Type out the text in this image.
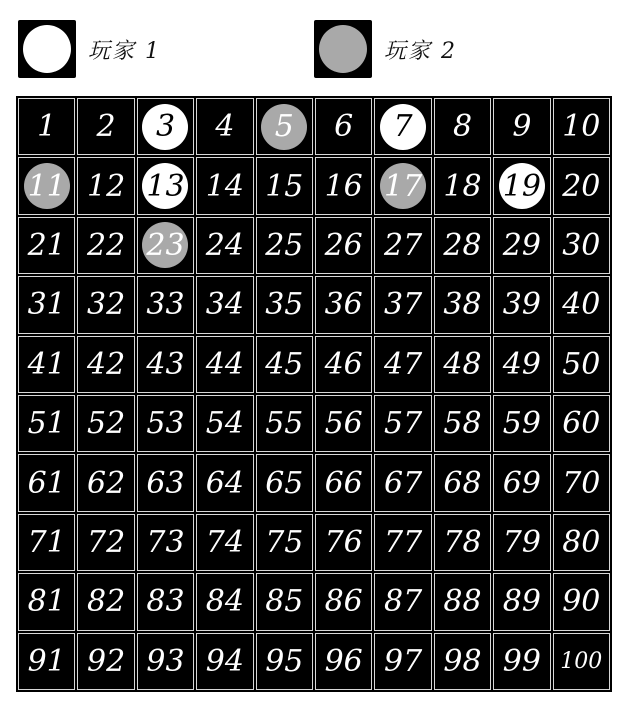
玩家 1	玩家 2
1 2 3 4 5 6 7 8 9 10
11 12 13 14 15 16 17 18 19 20
21 22 23 24 25 26 27 28 29 30
31 32 33 34 35 36 37 38 39 40
41 42 43 44 45 46 47 48 49 50
51 52 53 54 55 56 57 58 59 60
61 62 63 64 65 66 67 68 69 70
71 72 73 74 75 76 77 78 79 80
81 82 83 84 85 86 87 88 89 90
91 92 93 94 95 96 97 98 99 100
